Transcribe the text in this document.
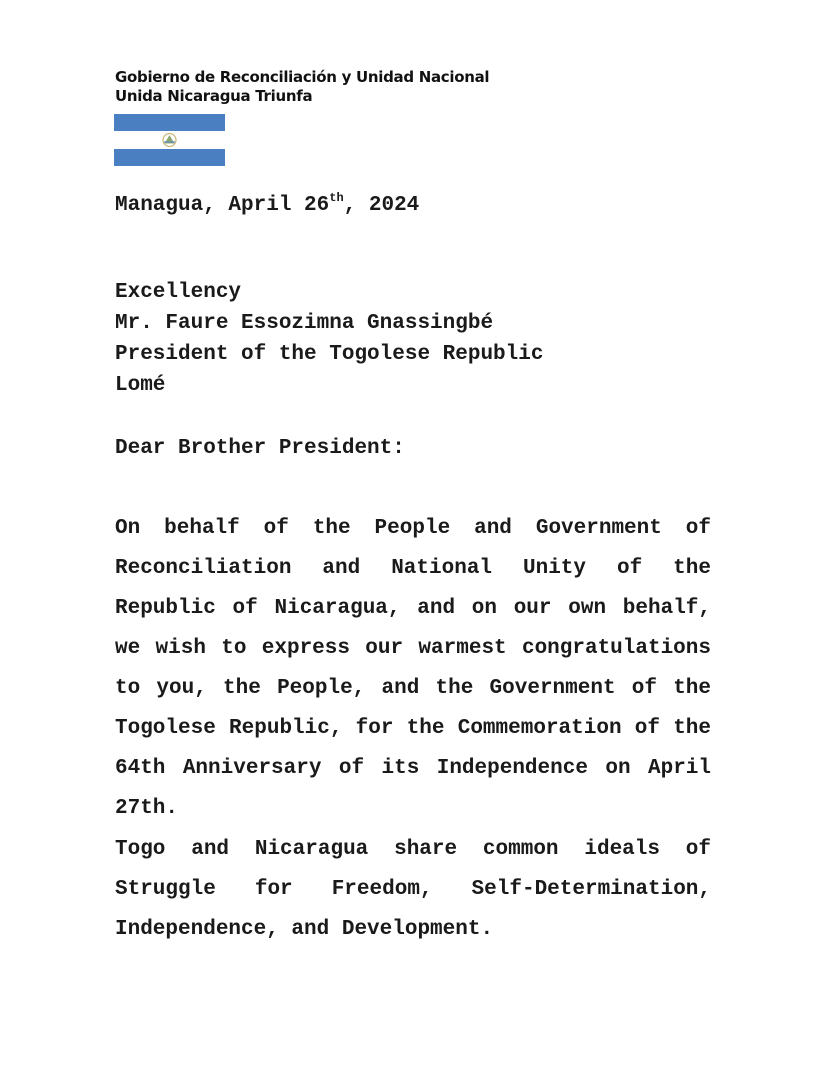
Gobierno de Reconciliación y Unidad Nacional
Unida Nicaragua Triunfa
Managua, April 26th, 2024
Excellency
Mr. Faure Essozimna Gnassingbé
President of the Togolese Republic
Lomé
Dear Brother President:
On behalf of the People and Government of Reconciliation and National Unity of the Republic of Nicaragua, and on our own behalf, we wish to express our warmest congratulations to you, the People, and the Government of the Togolese Republic, for the Commemoration of the 64th Anniversary of its Independence on April 27th.
Togo and Nicaragua share common ideals of Struggle for Freedom, Self-Determination, Independence, and Development.
